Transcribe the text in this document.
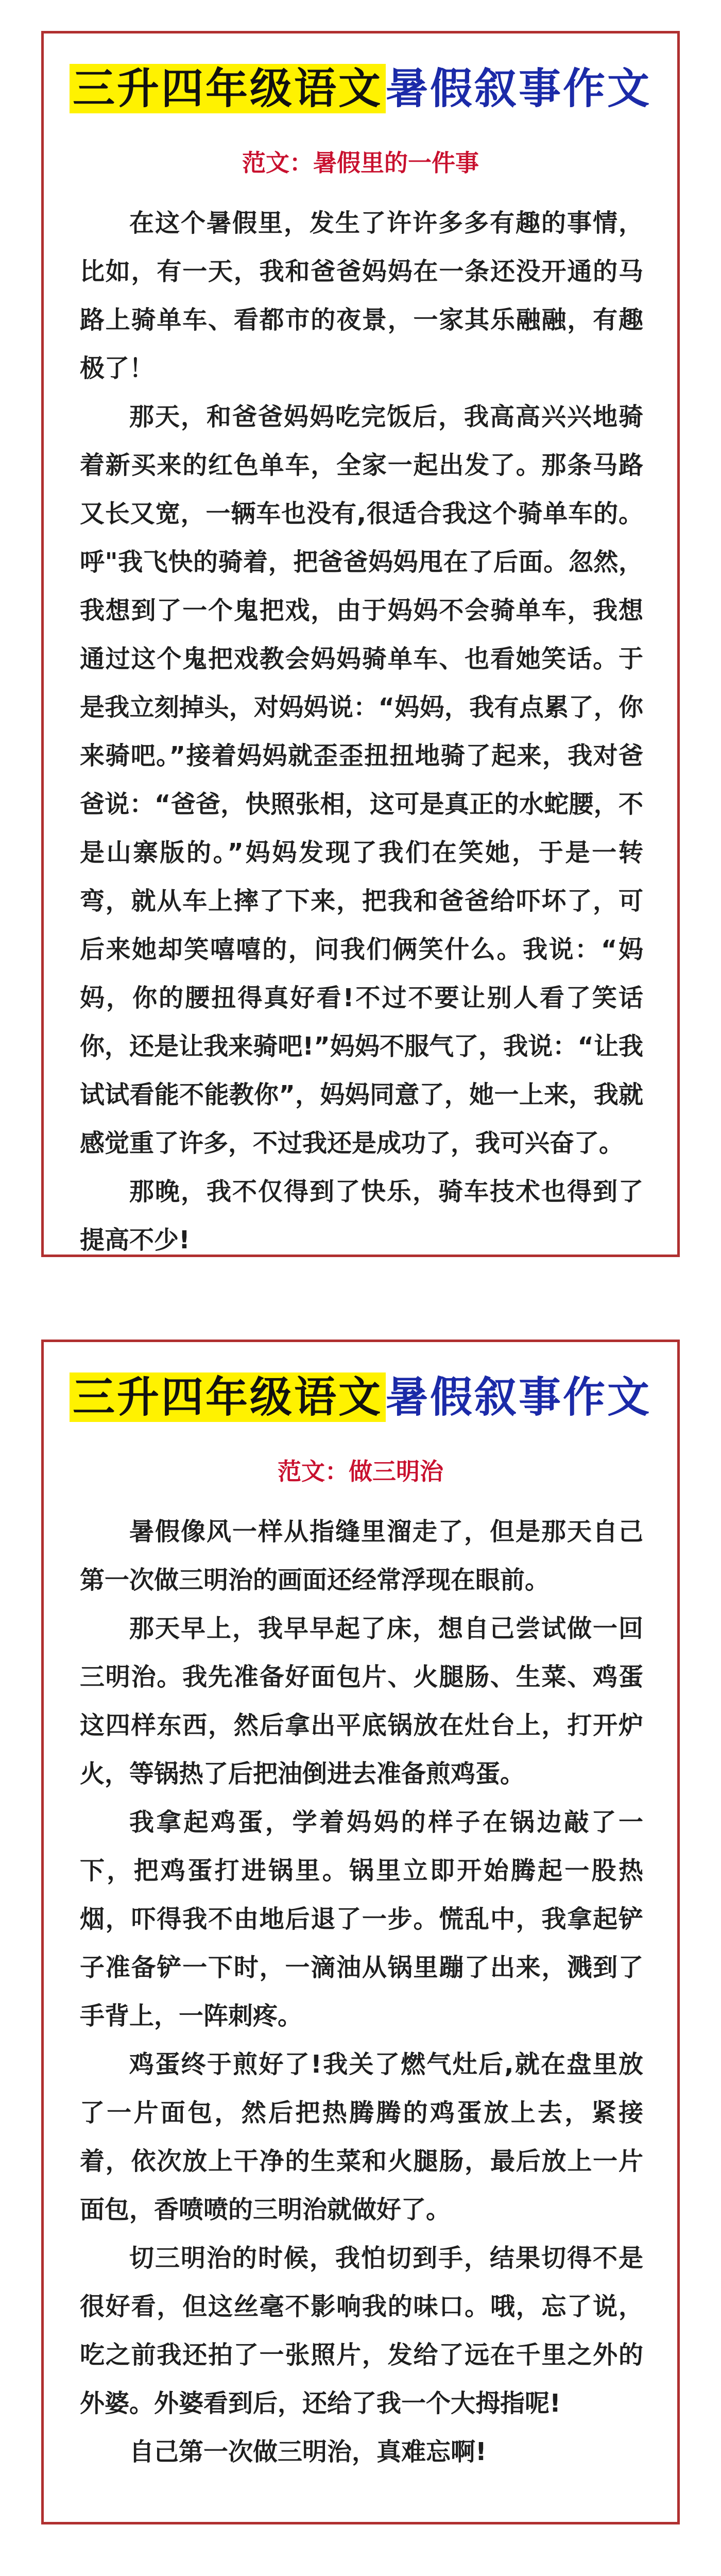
三升四年级语文暑假叙事作文
范文：暑假里的一件事

在这个暑假里，发生了许许多多有趣的事情，比如，有一天，我和爸爸妈妈在一条还没开通的马路上骑单车、看都市的夜景，一家其乐融融，有趣极了！

那天，和爸爸妈妈吃完饭后，我高高兴兴地骑着新买来的红色单车，全家一起出发了。那条马路又长又宽，一辆车也没有,很适合我这个骑单车的。呼"我飞快的骑着，把爸爸妈妈甩在了后面。忽然，我想到了一个鬼把戏，由于妈妈不会骑单车，我想通过这个鬼把戏教会妈妈骑单车、也看她笑话。于是我立刻掉头，对妈妈说：“妈妈，我有点累了，你来骑吧。”接着妈妈就歪歪扭扭地骑了起来，我对爸爸说：“爸爸，快照张相，这可是真正的水蛇腰，不是山寨版的。”妈妈发现了我们在笑她，于是一转弯，就从车上摔了下来，把我和爸爸给吓坏了，可后来她却笑嘻嘻的，问我们俩笑什么。我说：“妈妈，你的腰扭得真好看!不过不要让别人看了笑话你，还是让我来骑吧!”妈妈不服气了，我说：“让我试试看能不能教你”，妈妈同意了，她一上来，我就感觉重了许多，不过我还是成功了，我可兴奋了。

那晚，我不仅得到了快乐，骑车技术也得到了提高不少!

三升四年级语文暑假叙事作文
范文：做三明治

暑假像风一样从指缝里溜走了，但是那天自己第一次做三明治的画面还经常浮现在眼前。

那天早上，我早早起了床，想自己尝试做一回三明治。我先准备好面包片、火腿肠、生菜、鸡蛋这四样东西，然后拿出平底锅放在灶台上，打开炉火，等锅热了后把油倒进去准备煎鸡蛋。

我拿起鸡蛋，学着妈妈的样子在锅边敲了一下，把鸡蛋打进锅里。锅里立即开始腾起一股热烟，吓得我不由地后退了一步。慌乱中，我拿起铲子准备铲一下时，一滴油从锅里蹦了出来，溅到了手背上，一阵刺疼。

鸡蛋终于煎好了!我关了燃气灶后,就在盘里放了一片面包，然后把热腾腾的鸡蛋放上去，紧接着，依次放上干净的生菜和火腿肠，最后放上一片面包，香喷喷的三明治就做好了。

切三明治的时候，我怕切到手，结果切得不是很好看，但这丝毫不影响我的味口。哦，忘了说，吃之前我还拍了一张照片，发给了远在千里之外的外婆。外婆看到后，还给了我一个大拇指呢!

自己第一次做三明治，真难忘啊!
